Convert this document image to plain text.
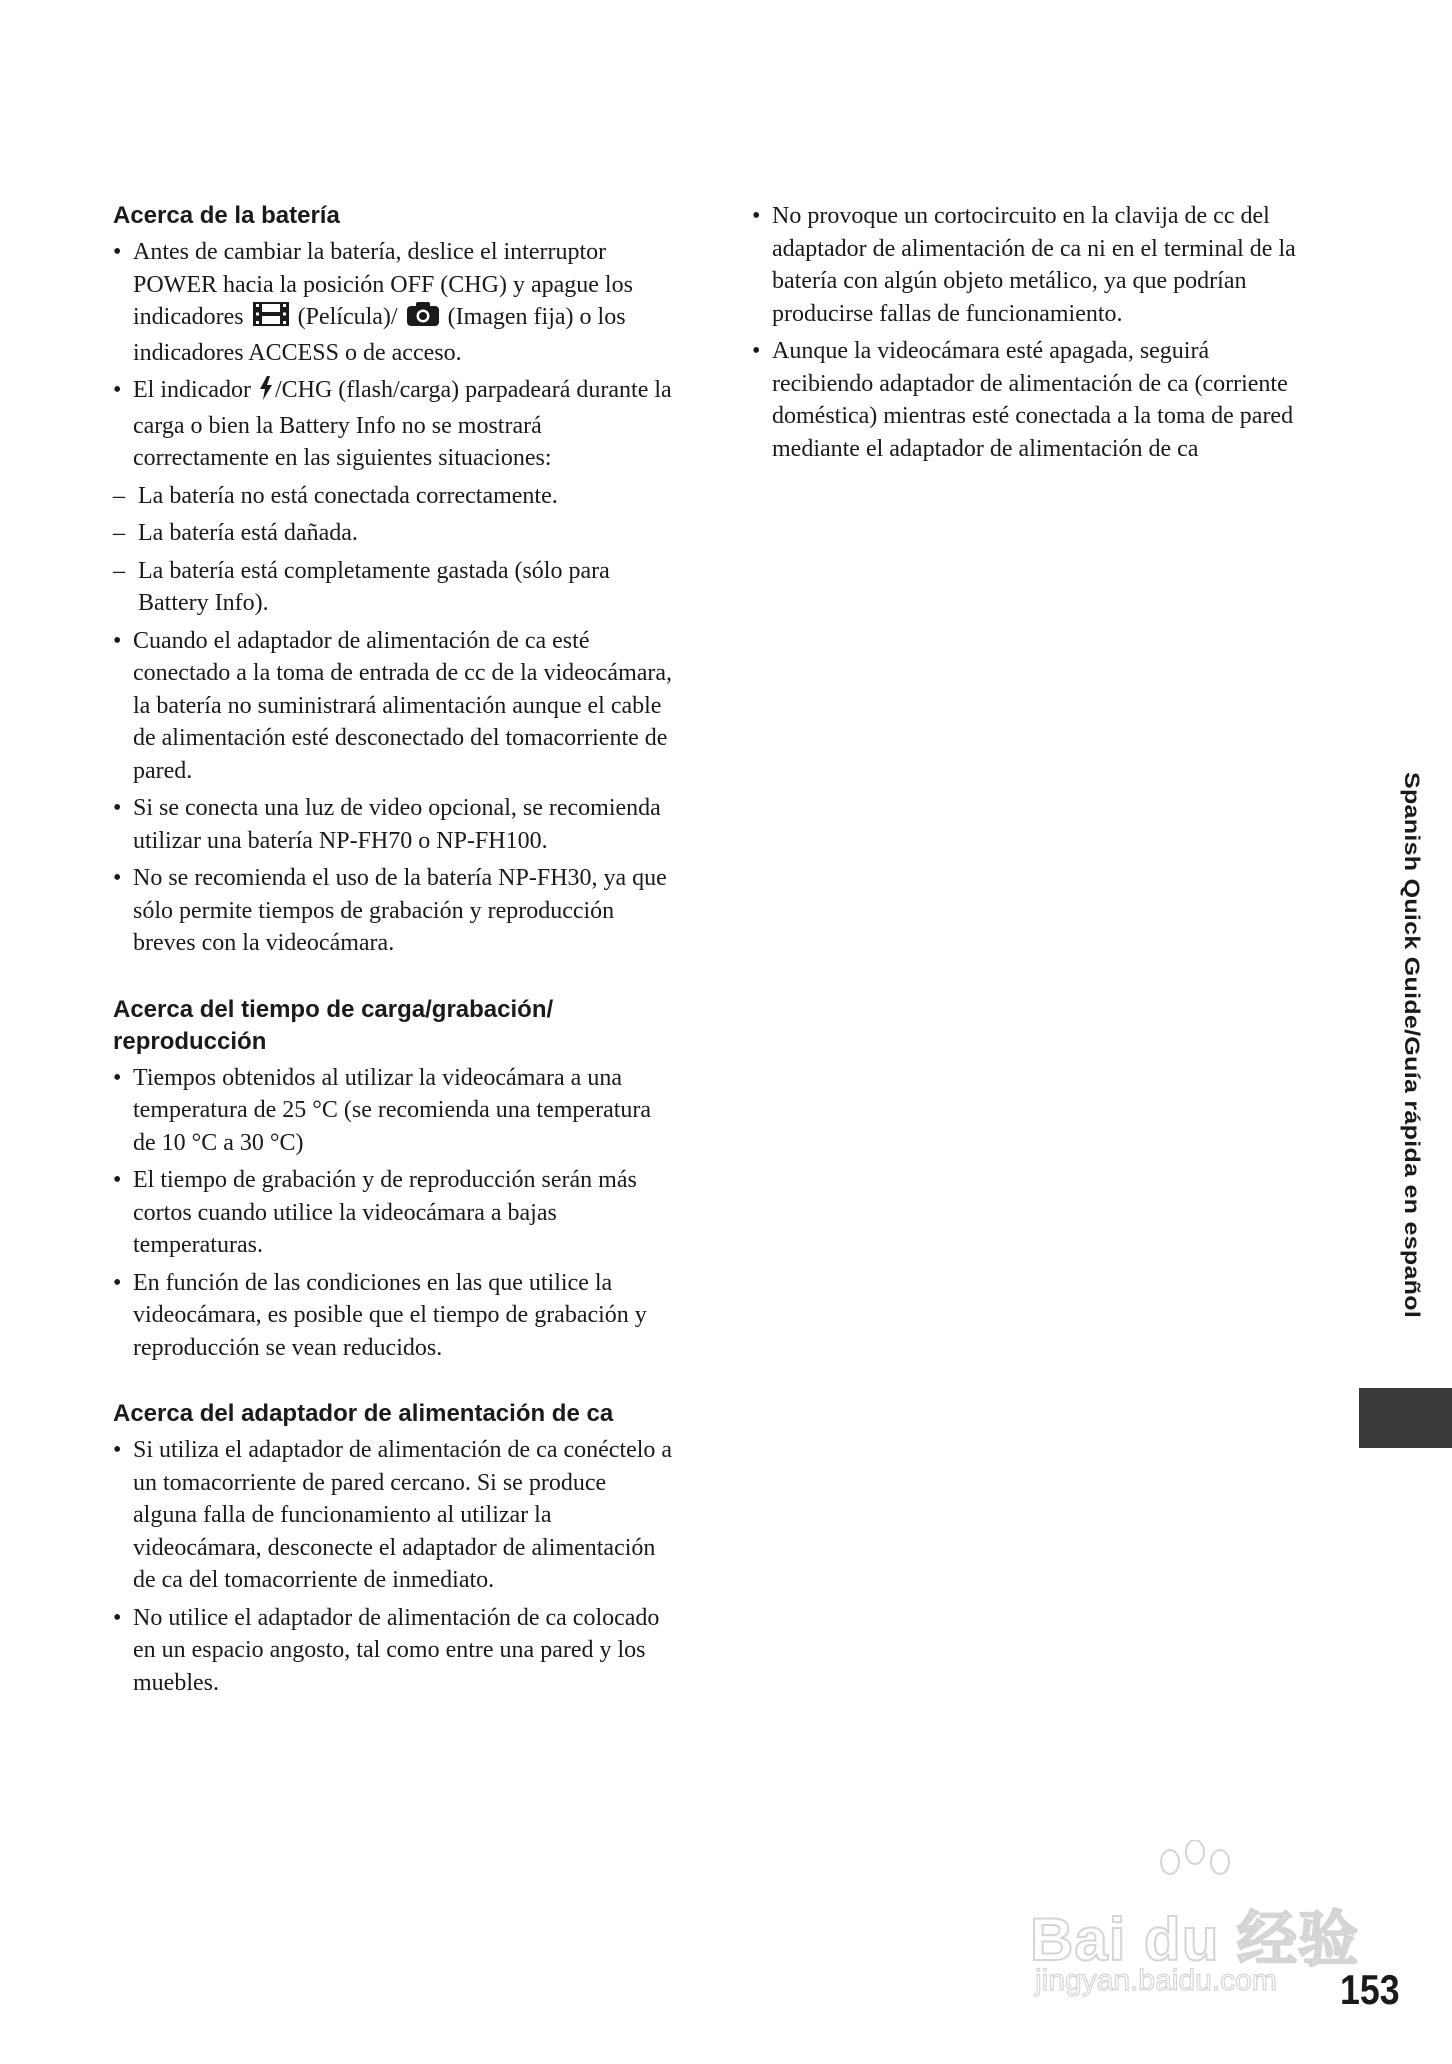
Acerca de la batería
• Antes de cambiar la batería, deslice el interruptor POWER hacia la posición OFF (CHG) y apague los indicadores (Película)/ (Imagen fija) o los indicadores ACCESS o de acceso.
• El indicador /CHG (flash/carga) parpadeará durante la carga o bien la Battery Info no se mostrará correctamente en las siguientes situaciones:
– La batería no está conectada correctamente.
– La batería está dañada.
– La batería está completamente gastada (sólo para Battery Info).
• Cuando el adaptador de alimentación de ca esté conectado a la toma de entrada de cc de la videocámara, la batería no suministrará alimentación aunque el cable de alimentación esté desconectado del tomacorriente de pared.
• Si se conecta una luz de video opcional, se recomienda utilizar una batería NP-FH70 o NP-FH100.
• No se recomienda el uso de la batería NP-FH30, ya que sólo permite tiempos de grabación y reproducción breves con la videocámara.
Acerca del tiempo de carga/grabación/ reproducción
• Tiempos obtenidos al utilizar la videocámara a una temperatura de 25 °C (se recomienda una temperatura de 10 °C a 30 °C)
• El tiempo de grabación y de reproducción serán más cortos cuando utilice la videocámara a bajas temperaturas.
• En función de las condiciones en las que utilice la videocámara, es posible que el tiempo de grabación y reproducción se vean reducidos.
Acerca del adaptador de alimentación de ca
• Si utiliza el adaptador de alimentación de ca conéctelo a un tomacorriente de pared cercano. Si se produce alguna falla de funcionamiento al utilizar la videocámara, desconecte el adaptador de alimentación de ca del tomacorriente de inmediato.
• No utilice el adaptador de alimentación de ca colocado en un espacio angosto, tal como entre una pared y los muebles.
• No provoque un cortocircuito en la clavija de cc del adaptador de alimentación de ca ni en el terminal de la batería con algún objeto metálico, ya que podrían producirse fallas de funcionamiento.
• Aunque la videocámara esté apagada, seguirá recibiendo adaptador de alimentación de ca (corriente doméstica) mientras esté conectada a la toma de pared mediante el adaptador de alimentación de ca
Spanish Quick Guide/Guía rápida en español
Bai du 经验
jingyan.baidu.com 153
